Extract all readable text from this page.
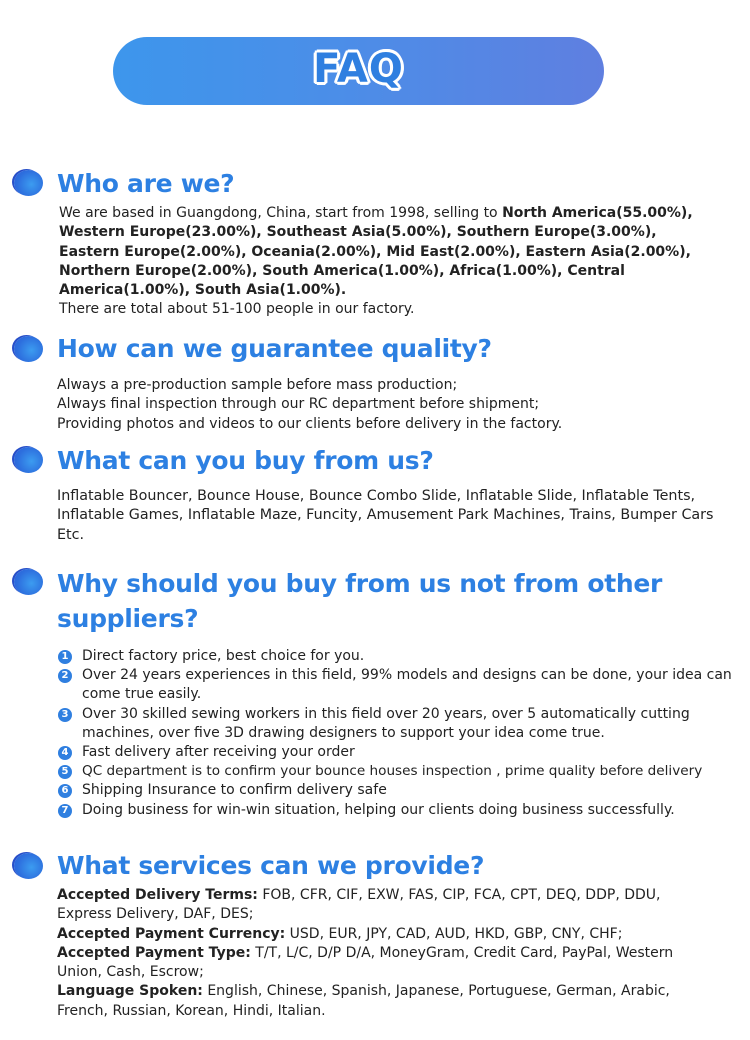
FAQ
Who are we?

We are based in Guangdong, China, start from 1998, selling to North America(55.00%), Western Europe(23.00%), Southeast Asia(5.00%), Southern Europe(3.00%), Eastern Europe(2.00%), Oceania(2.00%), Mid East(2.00%), Eastern Asia(2.00%), Northern Europe(2.00%), South America(1.00%), Africa(1.00%), Central America(1.00%), South Asia(1.00%).
There are total about 51-100 people in our factory.

How can we guarantee quality?

Always a pre-production sample before mass production;
Always final inspection through our RC department before shipment;
Providing photos and videos to our clients before delivery in the factory.

What can you buy from us?

Inflatable Bouncer, Bounce House, Bounce Combo Slide, Inflatable Slide, Inflatable Tents, Inflatable Games, Inflatable Maze, Funcity, Amusement Park Machines, Trains, Bumper Cars Etc.

Why should you buy from us not from other suppliers?
1 Direct factory price, best choice for you.
2 Over 24 years experiences in this field, 99% models and designs can be done, your idea can come true easily.
3 Over 30 skilled sewing workers in this field over 20 years, over 5 automatically cutting machines, over five 3D drawing designers to support your idea come true.
4 Fast delivery after receiving your order
5 QC department is to confirm your bounce houses inspection , prime quality before delivery
6 Shipping Insurance to confirm delivery safe
7 Doing business for win-win situation, helping our clients doing business successfully.
What services can we provide?

Accepted Delivery Terms: FOB, CFR, CIF, EXW, FAS, CIP, FCA, CPT, DEQ, DDP, DDU, Express Delivery, DAF, DES;
Accepted Payment Currency: USD, EUR, JPY, CAD, AUD, HKD, GBP, CNY, CHF;
Accepted Payment Type: T/T, L/C, D/P D/A, MoneyGram, Credit Card, PayPal, Western Union, Cash, Escrow;
Language Spoken: English, Chinese, Spanish, Japanese, Portuguese, German, Arabic, French, Russian, Korean, Hindi, Italian.
